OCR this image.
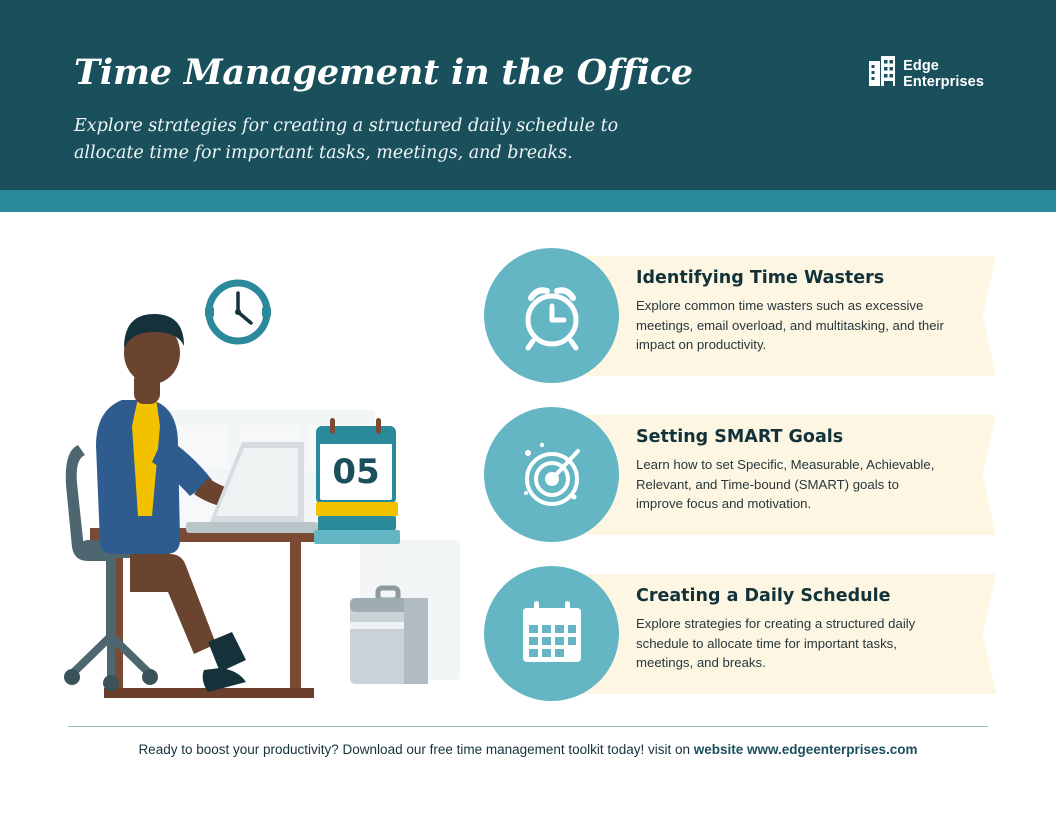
Time Management in the Office
Explore strategies for creating a structured daily schedule to allocate time for important tasks, meetings, and breaks.
Edge
Enterprises
05
Identifying Time Wasters
Explore common time wasters such as excessive meetings, email overload, and multitasking, and their impact on productivity.
Setting SMART Goals
Learn how to set Specific, Measurable, Achievable, Relevant, and Time-bound (SMART) goals to improve focus and motivation.
Creating a Daily Schedule
Explore strategies for creating a structured daily schedule to allocate time for important tasks, meetings, and breaks.
Ready to boost your productivity? Download our free time management toolkit today! visit on website www.edgeenterprises.com
